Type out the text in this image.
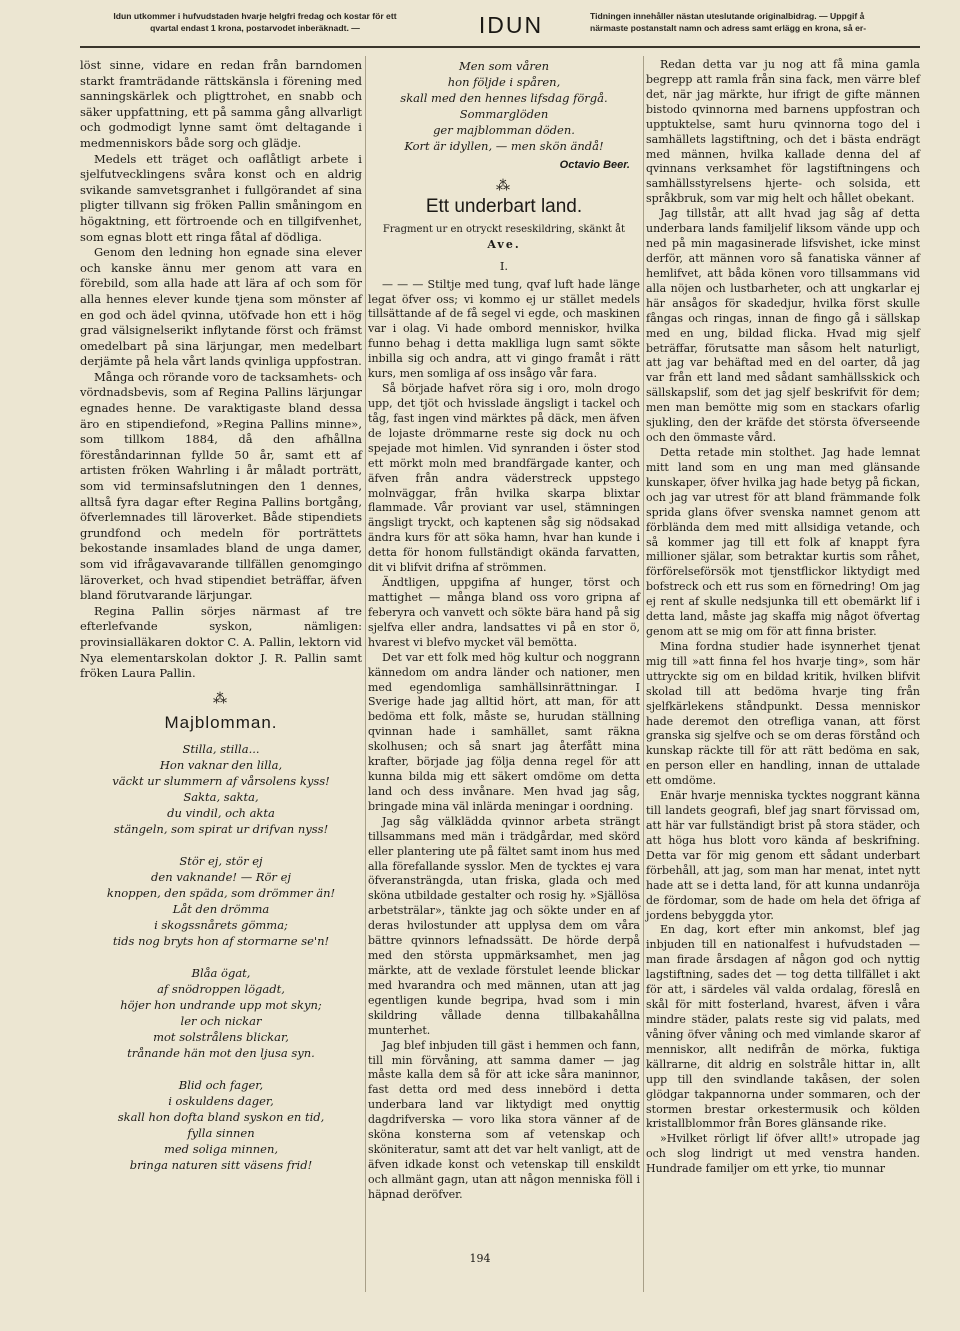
Idun utkommer i hufvudstaden hvarje helgfri fredag och kostar för ett
qvartal endast 1 krona, postarvodet inberäknadt. —	IDUN	Tidningen innehåller nästan uteslutande originalbidrag. — Uppgif å
närmaste postanstalt namn och adress samt erlägg en krona, så er-

löst sinne, vidare en redan från barndomen starkt framträdande rättskänsla i förening med sanningskärlek och pligttrohet, en snabb och säker uppfattning, ett på samma gång allvarligt och godmodigt lynne samt ömt deltagande i medmenniskors både sorg och glädje.

Medels ett träget och oaflåtligt arbete i sjelfutvecklingens svåra konst och en aldrig svikande samvetsgranhet i fullgörandet af sina pligter tillvann sig fröken Pallin småningom en högaktning, ett förtroende och en tillgifvenhet, som egnas blott ett ringa fåtal af dödliga.

Genom den ledning hon egnade sina elever och kanske ännu mer genom att vara en förebild, som alla hade att lära af och som för alla hennes elever kunde tjena som mönster af en god och ädel qvinna, utöfvade hon ett i hög grad välsignelserikt inflytande först och främst omedelbart på sina lärjungar, men medelbart derjämte på hela vårt lands qvinliga uppfostran.

Många och rörande voro de tacksamhets- och vördnadsbevis, som af Regina Pallins lärjungar egnades henne. De varaktigaste bland dessa äro en stipendiefond, »Regina Pallins minne», som tillkom 1884, då den afhållna föreståndarinnan fyllde 50 år, samt ett af artisten fröken Wahrling i år måladt porträtt, som vid terminsafslutningen den 1 dennes, alltså fyra dagar efter Regina Pallins bortgång, öfverlemnades till läroverket. Både stipendiets grundfond och medeln för porträttets bekostande insamlades bland de unga damer, som vid ifrågavavarande tillfällen genomgingo läroverket, och hvad stipendiet beträffar, äfven bland förutvarande lärjungar.

Regina Pallin sörjes närmast af tre efterlefvande syskon, nämligen: provinsialläkaren doktor C. A. Pallin, lektorn vid Nya elementarskolan doktor J. R. Pallin samt fröken Laura Pallin.

⁂
Majblomman.
Stilla, stilla...
Hon vaknar den lilla,
väckt ur slummern af vårsolens kyss!
Sakta, sakta,
du vindil, och akta
stängeln, som spirat ur drifvan nyss!
Stör ej, stör ej
den vaknande! — Rör ej
knoppen, den späda, som drömmer än!
Låt den drömma
i skogssnårets gömma;
tids nog bryts hon af stormarne se'n!
Blåa ögat,
af snödroppen lögadt,
höjer hon undrande upp mot skyn;
ler och nickar
mot solstrålens blickar,
trånande hän mot den ljusa syn.
Blid och fager,
i oskuldens dager,
skall hon dofta bland syskon en tid,
fylla sinnen
med soliga minnen,
bringa naturen sitt väsens frid!
Men som våren
hon följde i spåren,
skall med den hennes lifsdag förgå.
Sommarglöden
ger majblomman döden.
Kort är idyllen, — men skön ändå!
Octavio Beer.
⁂
Ett underbart land.
Fragment ur en otryckt reseskildring, skänkt åt
Ave.
I.

— — — Stiltje med tung, qvaf luft hade länge legat öfver oss; vi kommo ej ur stället medels tillsättande af de få segel vi egde, och maskinen var i olag. Vi hade ombord menniskor, hvilka funno behag i detta maklliga lugn samt sökte inbilla sig och andra, att vi gingo framåt i rätt kurs, men somliga af oss insågo vår fara.

Så började hafvet röra sig i oro, moln drogo upp, det tjöt och hvisslade ängsligt i tackel och tåg, fast ingen vind märktes på däck, men äfven de lojaste drömmarne reste sig dock nu och spejade mot himlen. Vid synranden i öster stod ett mörkt moln med brandfärgade kanter, och äfven från andra väderstreck uppstego molnväggar, från hvilka skarpa blixtar flammade. Vår proviant var usel, stämningen ängsligt tryckt, och kaptenen såg sig nödsakad ändra kurs för att söka hamn, hvar han kunde i detta för honom fullständigt okända farvatten, dit vi blifvit drifna af strömmen.

Ändtligen, uppgifna af hunger, törst och mattighet — många bland oss voro gripna af feberyra och vanvett och sökte bära hand på sig sjelfva eller andra, landsattes vi på en stor ö, hvarest vi blefvo mycket väl bemötta.

Det var ett folk med hög kultur och noggrann kännedom om andra länder och nationer, men med egendomliga samhällsinrättningar. I Sverige hade jag alltid hört, att man, för att bedöma ett folk, måste se, hurudan ställning qvinnan hade i samhället, samt räkna skolhusen; och så snart jag återfått mina krafter, började jag följa denna regel för att kunna bilda mig ett säkert omdöme om detta land och dess invånare. Men hvad jag såg, bringade mina väl inlärda meningar i oordning.

Jag såg välklädda qvinnor arbeta strängt tillsammans med män i trädgårdar, med skörd eller plantering ute på fältet samt inom hus med alla förefallande sysslor. Men de tycktes ej vara öfveransträngda, utan friska, glada och med sköna utbildade gestalter och rosig hy. »Själlösa arbetsträlar», tänkte jag och sökte under en af deras hvilostunder att upplysa dem om våra bättre qvinnors lefnadssätt. De hörde derpå med den största uppmärksamhet, men jag märkte, att de vexlade förstulet leende blickar med hvarandra och med männen, utan att jag egentligen kunde begripa, hvad som i min skildring vållade denna tillbakahållna munterhet.

Jag blef inbjuden till gäst i hemmen och fann, till min förvåning, att samma damer — jag måste kalla dem så för att icke såra maninnor, fast detta ord med dess innebörd i detta underbara land var liktydigt med onyttig dagdrifverska — voro lika stora vänner af de sköna konsterna som af vetenskap och sköniteratur, samt att det var helt vanligt, att de äfven idkade konst och vetenskap till enskildt och allmänt gagn, utan att någon menniska föll i häpnad deröfver.

Redan detta var ju nog att få mina gamla begrepp att ramla från sina fack, men värre blef det, när jag märkte, hur ifrigt de gifte männen bistodo qvinnorna med barnens uppfostran och upptuktelse, samt huru qvinnorna togo del i samhällets lagstiftning, och det i bästa endrägt med männen, hvilka kallade denna del af qvinnans verksamhet för lagstiftningens och samhällsstyrelsens hjerte- och solsida, ett språkbruk, som var mig helt och hållet obekant.

Jag tillstår, att allt hvad jag såg af detta underbara lands familjelif liksom vände upp och ned på min magasinerade lifsvishet, icke minst derför, att männen voro så fanatiska vänner af hemlifvet, att båda könen voro tillsammans vid alla nöjen och lustbarheter, och att ungkarlar ej här ansågos för skadedjur, hvilka först skulle fångas och ringas, innan de fingo gå i sällskap med en ung, bildad flicka. Hvad mig sjelf beträffar, förutsatte man såsom helt naturligt, att jag var behäftad med en del oarter, då jag var från ett land med sådant samhällsskick och sällskapslif, som det jag sjelf beskrifvit för dem; men man bemötte mig som en stackars ofarlig sjukling, den der kräfde det största öfverseende och den ömmaste vård.

Detta retade min stolthet. Jag hade lemnat mitt land som en ung man med glänsande kunskaper, öfver hvilka jag hade betyg på fickan, och jag var utrest för att bland främmande folk sprida glans öfver svenska namnet genom att förblända dem med mitt allsidiga vetande, och så kommer jag till ett folk af knappt fyra millioner själar, som betraktar kurtis som råhet, förförelseförsök mot tjenstflickor liktydigt med bofstreck och ett rus som en förnedring! Om jag ej rent af skulle nedsjunka till ett obemärkt lif i detta land, måste jag skaffa mig något öfvertag genom att se mig om för att finna brister.

Mina fordna studier hade isynnerhet tjenat mig till »att finna fel hos hvarje ting», som här uttryckte sig om en bildad kritik, hvilken blifvit skolad till att bedöma hvarje ting från sjelfkärlekens ståndpunkt. Dessa menniskor hade deremot den otrefliga vanan, att först granska sig sjelfve och se om deras förstånd och kunskap räckte till för att rätt bedöma en sak, en person eller en handling, innan de uttalade ett omdöme.

Enär hvarje menniska tycktes noggrant känna till landets geografi, blef jag snart förvissad om, att här var fullständigt brist på stora städer, och att höga hus blott voro kända af beskrifning. Detta var för mig genom ett sådant underbart förbehåll, att jag, som man har menat, intet nytt hade att se i detta land, för att kunna undanröja de fördomar, som de hade om hela det öfriga af jordens bebyggda ytor.

En dag, kort efter min ankomst, blef jag inbjuden till en nationalfest i hufvudstaden — man firade årsdagen af någon god och nyttig lagstiftning, sades det — tog detta tillfället i akt för att, i särdeles väl valda ordalag, föreslå en skål för mitt fosterland, hvarest, äfven i våra mindre städer, palats reste sig vid palats, med våning öfver våning och med vimlande skaror af menniskor, allt nedifrån de mörka, fuktiga källrarne, dit aldrig en solstråle hittar in, allt upp till den svindlande takåsen, der solen glödgar takpannorna under sommaren, och der stormen brestar orkestermusik och kölden kristallblommor från Bores glänsande rike.

»Hvilket rörligt lif öfver allt!» utropade jag och slog lindrigt ut med venstra handen. Hundrade familjer om ett yrke, tio munnar

194
